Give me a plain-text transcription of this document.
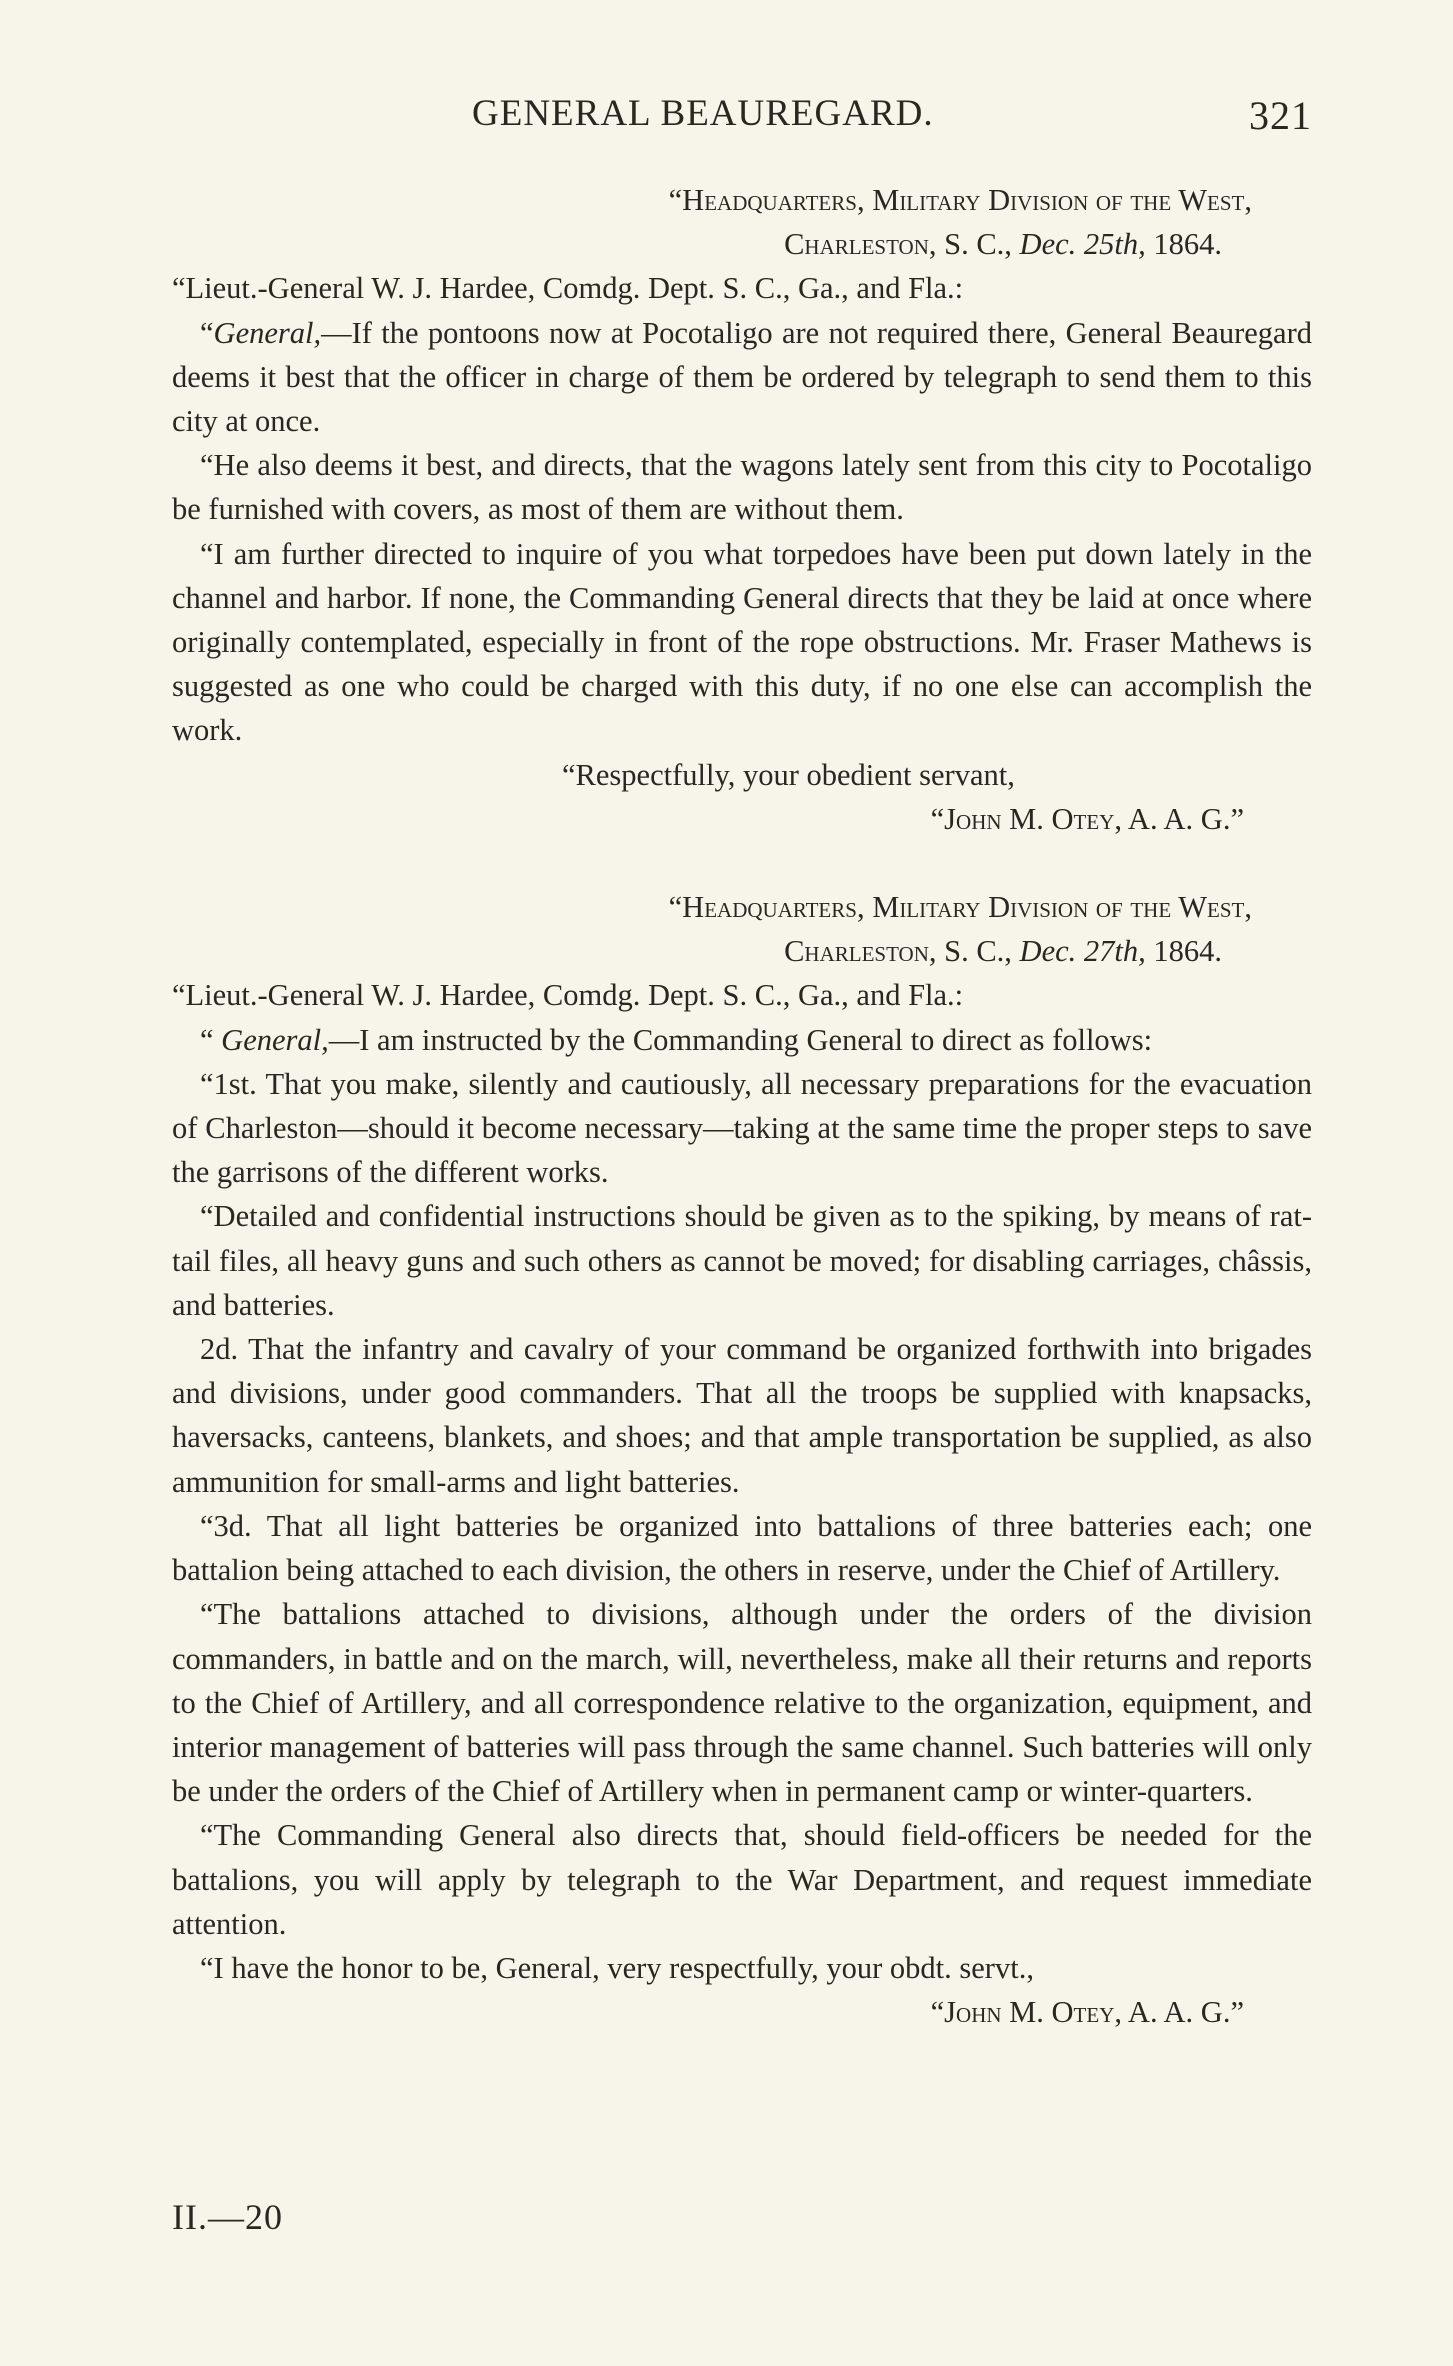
GENERAL BEAUREGARD.	321

“Headquarters, Military Division of the West,

Charleston, S. C., Dec. 25th, 1864.

“Lieut.-General W. J. Hardee, Comdg. Dept. S. C., Ga., and Fla.:

“General,—If the pontoons now at Pocotaligo are not required there, General Beauregard deems it best that the officer in charge of them be ordered by telegraph to send them to this city at once.

“He also deems it best, and directs, that the wagons lately sent from this city to Pocotaligo be furnished with covers, as most of them are without them.

“I am further directed to inquire of you what torpedoes have been put down lately in the channel and harbor. If none, the Commanding General directs that they be laid at once where originally contemplated, especially in front of the rope obstructions. Mr. Fraser Mathews is suggested as one who could be charged with this duty, if no one else can accomplish the work.

“Respectfully, your obedient servant,

“John M. Otey, A. A. G.”

“Headquarters, Military Division of the West,

Charleston, S. C., Dec. 27th, 1864.

“Lieut.-General W. J. Hardee, Comdg. Dept. S. C., Ga., and Fla.:

“ General,—I am instructed by the Commanding General to direct as follows:

“1st. That you make, silently and cautiously, all necessary preparations for the evacuation of Charleston—should it become necessary—taking at the same time the proper steps to save the garrisons of the different works.

“Detailed and confidential instructions should be given as to the spiking, by means of rat-tail files, all heavy guns and such others as cannot be moved; for disabling carriages, châssis, and batteries.

2d. That the infantry and cavalry of your command be organized forthwith into brigades and divisions, under good commanders. That all the troops be supplied with knapsacks, haversacks, canteens, blankets, and shoes; and that ample transportation be supplied, as also ammunition for small-arms and light batteries.

“3d. That all light batteries be organized into battalions of three batteries each; one battalion being attached to each division, the others in reserve, under the Chief of Artillery.

“The battalions attached to divisions, although under the orders of the division commanders, in battle and on the march, will, nevertheless, make all their returns and reports to the Chief of Artillery, and all correspondence relative to the organization, equipment, and interior management of batteries will pass through the same channel. Such batteries will only be under the orders of the Chief of Artillery when in permanent camp or winter-quarters.

“The Commanding General also directs that, should field-officers be needed for the battalions, you will apply by telegraph to the War Department, and request immediate attention.

“I have the honor to be, General, very respectfully, your obdt. servt.,

“John M. Otey, A. A. G.”

II.—20
